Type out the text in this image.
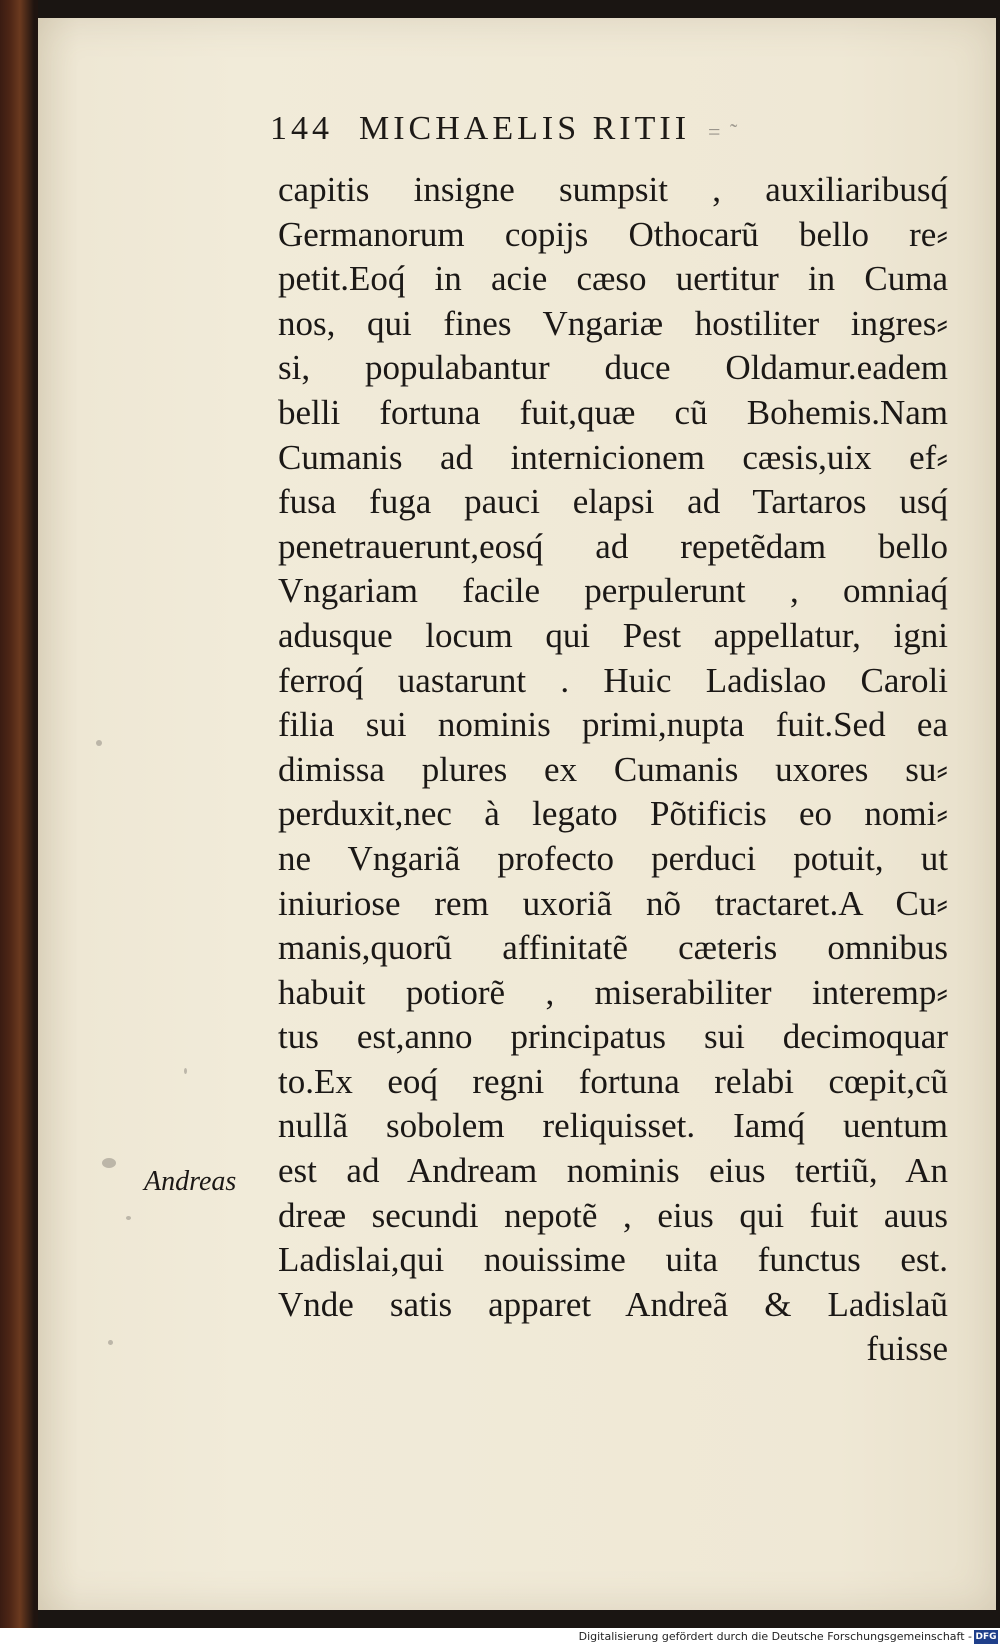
144 MICHAELIS RITII = ˜
capitis insigne sumpsit , auxiliaribusq́
Germanorum copĳs Othocarũ bello re⸗
petit.Eoq́ in acie cæso uertitur in Cuma
nos, qui fines Vngariæ hostiliter ingres⸗
si, populabantur duce Oldamur.eadem
belli fortuna fuit,quæ cũ Bohemis.Nam
Cumanis ad internicionem cæsis,uix ef⸗
fusa fuga pauci elapsi ad Tartaros usq́
penetrauerunt,eosq́ ad repetẽdam bello
Vngariam facile perpulerunt , omniaq́
adusque locum qui Pest appellatur, igni
ferroq́ uastarunt . Huic Ladislao Caroli
filia sui nominis primi,nupta fuit.Sed ea
dimissa plures ex Cumanis uxores su⸗
perduxit,nec à legato Põtificis eo nomi⸗
ne Vngariã profecto perduci potuit, ut
iniuriose rem uxoriã nõ tractaret.A Cu⸗
manis,quorũ affinitatẽ cæteris omnibus
habuit potiorẽ , miserabiliter interemp⸗
tus est,anno principatus sui decimoquar
to.Ex eoq́ regni fortuna relabi cœpit,cũ
nullã sobolem reliquisset. Iamq́ uentum
est ad Andream nominis eius tertiũ, An
dreæ secundi nepotẽ , eius qui fuit auus
Ladislai,qui nouissime uita functus est.
Vnde satis apparet Andreã & Ladislaũ
fuisse
Andreas
Digitalisierung gefördert durch die Deutsche Forschungsgemeinschaft - DFG
